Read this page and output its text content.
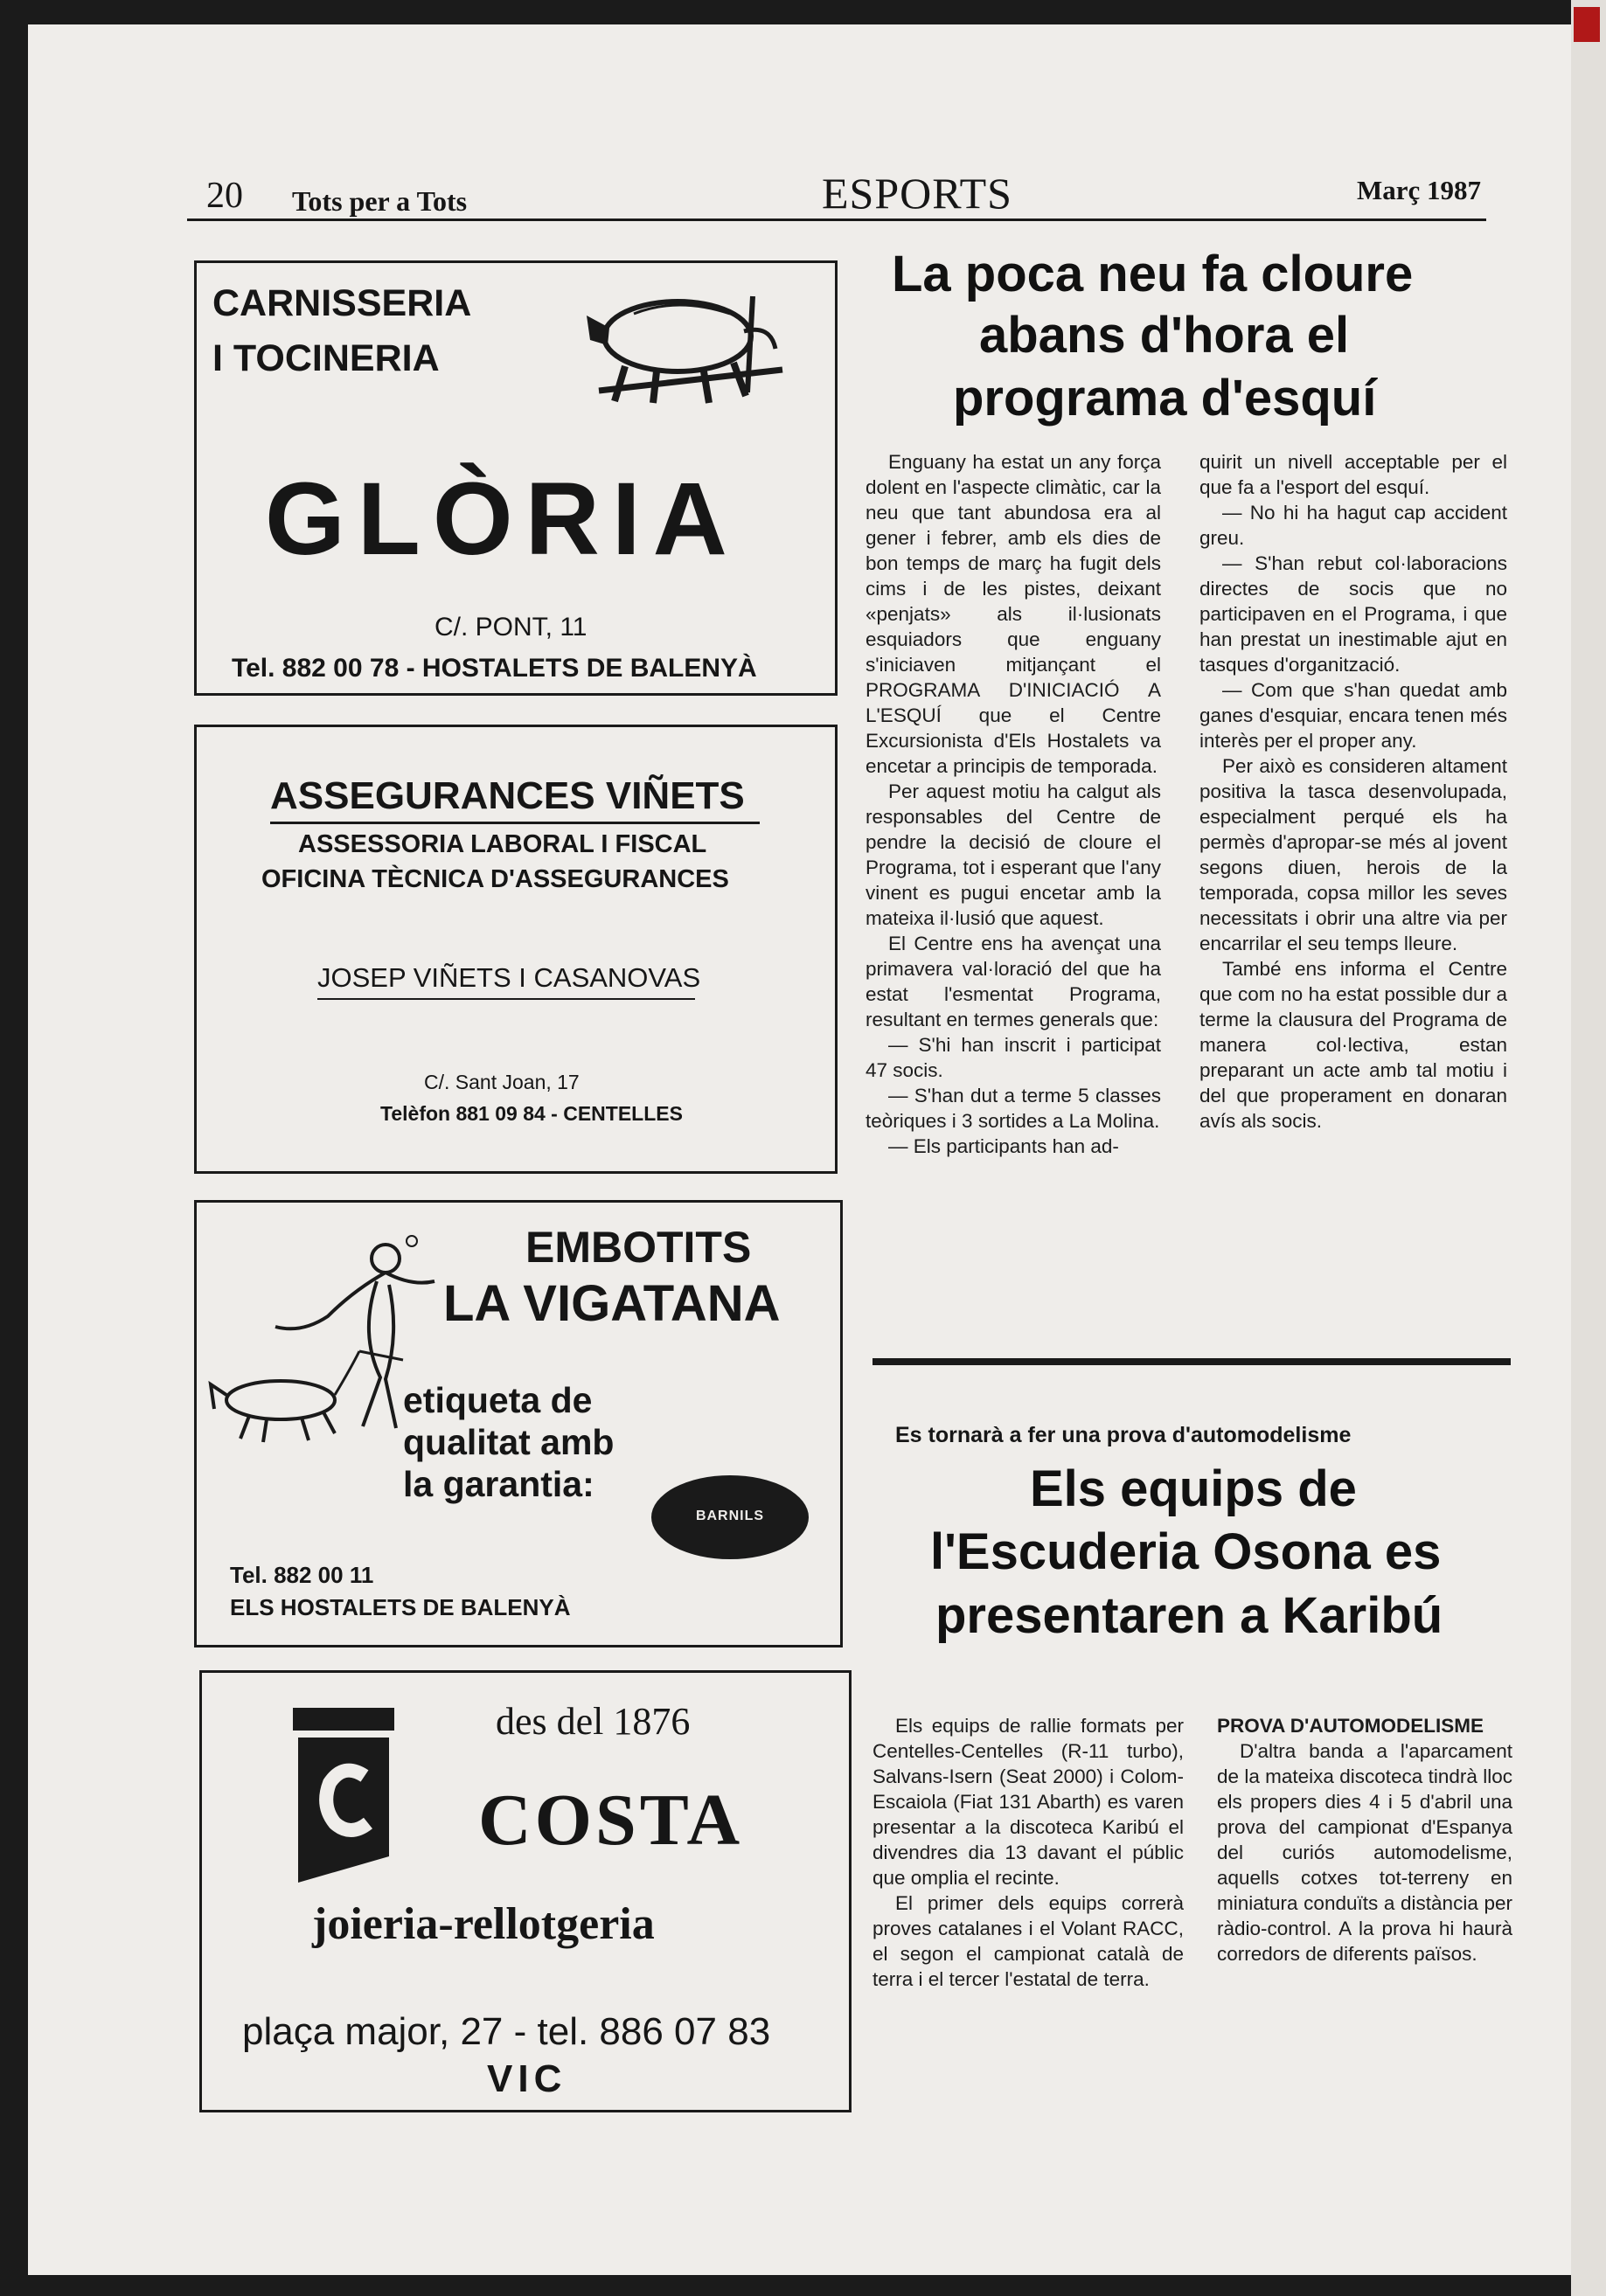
20 Tots per a Tots	ESPORTS	Març 1987
CARNISSERIA
I TOCINERIA
GLÒRIA
C/. PONT, 11
Tel. 882 00 78 - HOSTALETS DE BALENYÀ
ASSEGURANCES VIÑETS
ASSESSORIA LABORAL I FISCAL
OFICINA TÈCNICA D'ASSEGURANCES
JOSEP VIÑETS I CASANOVAS
C/. Sant Joan, 17
Telèfon 881 09 84 - CENTELLES
EMBOTITS
LA VIGATANA
etiqueta de
qualitat amb
la garantia:
BARNILS
Tel. 882 00 11
ELS HOSTALETS DE BALENYÀ
des del 1876
COSTA
joieria-rellotgeria
plaça major, 27 - tel. 886 07 83
VIC
La poca neu fa cloure
abans d'hora el
programa d'esquí

Enguany ha estat un any força dolent en l'aspecte climàtic, car la neu que tant abundosa era al gener i febrer, amb els dies de bon temps de març ha fugit dels cims i de les pistes, deixant «penjats» als il·lusionats esquiadors que enguany s'iniciaven mitjançant el PROGRAMA D'INICIACIÓ A L'ESQUÍ que el Centre Excursionista d'Els Hostalets va encetar a principis de temporada.

Per aquest motiu ha calgut als responsables del Centre de pendre la decisió de cloure el Programa, tot i esperant que l'any vinent es pugui encetar amb la mateixa il·lusió que aquest.

El Centre ens ha avençat una primavera val·loració del que ha estat l'esmentat Programa, resultant en termes generals que:

— S'hi han inscrit i participat 47 socis.

— S'han dut a terme 5 classes teòriques i 3 sortides a La Molina.

— Els participants han ad-

quirit un nivell acceptable per el que fa a l'esport del esquí.

— No hi ha hagut cap accident greu.

— S'han rebut col·laboracions directes de socis que no participaven en el Programa, i que han prestat un inestimable ajut en tasques d'organització.

— Com que s'han quedat amb ganes d'esquiar, encara tenen més interès per el proper any.

Per això es consideren altament positiva la tasca desenvolupada, especialment perqué els ha permès d'apropar-se més al jovent segons diuen, herois de la temporada, copsa millor les seves necessitats i obrir una altre via per encarrilar el seu temps lleure.

També ens informa el Centre que com no ha estat possible dur a terme la clausura del Programa de manera col·lectiva, estan preparant un acte amb tal motiu i del que properament en donaran avís als socis.

Es tornarà a fer una prova d'automodelisme
Els equips de
l'Escuderia Osona es
presentaren a Karibú

Els equips de rallie formats per Centelles-Centelles (R-11 turbo), Salvans-Isern (Seat 2000) i Colom-Escaiola (Fiat 131 Abarth) es varen presentar a la discoteca Karibú el divendres dia 13 davant el públic que omplia el recinte.

El primer dels equips correrà proves catalanes i el Volant RACC, el segon el campionat català de terra i el tercer l'estatal de terra.

PROVA D'AUTOMODELISME

D'altra banda a l'aparcament de la mateixa discoteca tindrà lloc els propers dies 4 i 5 d'abril una prova del campionat d'Espanya del curiós automodelisme, aquells cotxes tot-terreny en miniatura conduïts a distància per ràdio-control. A la prova hi haurà corredors de diferents països.
